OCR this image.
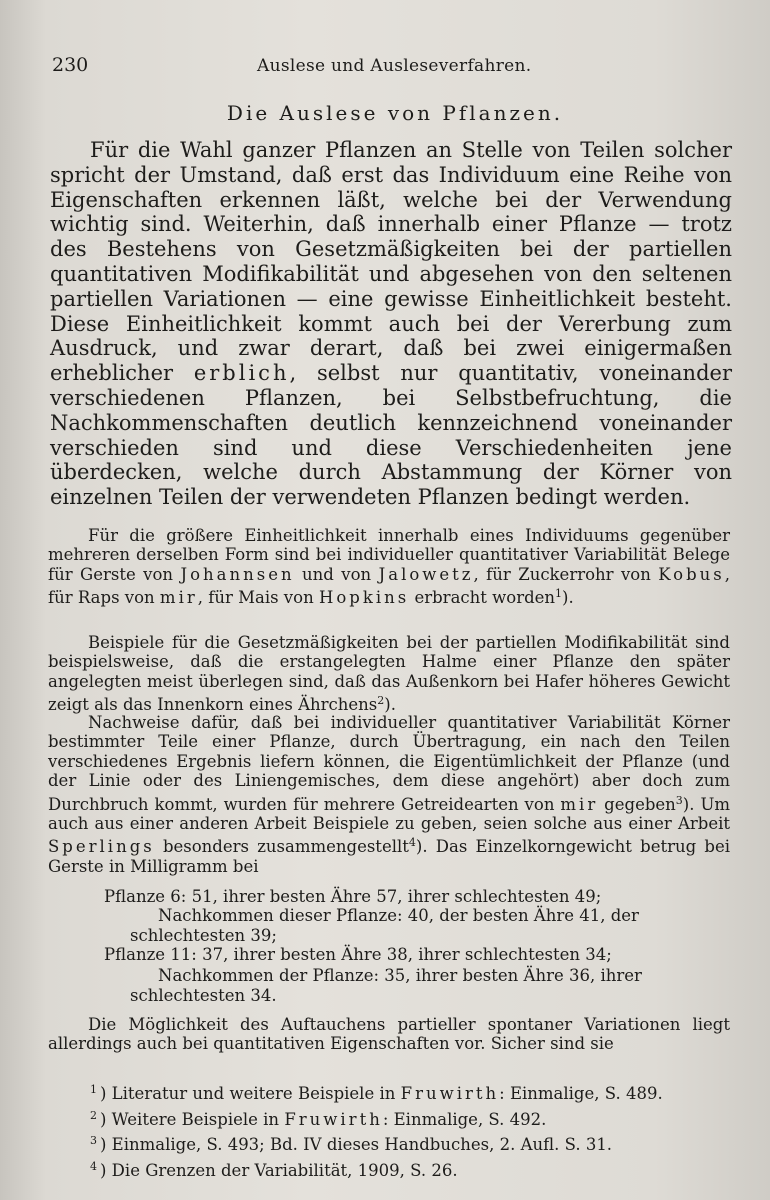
230	Auslese und Ausleseverfahren.
Die Auslese von Pflanzen.

Für die Wahl ganzer Pflanzen an Stelle von Teilen solcher spricht der Umstand, daß erst das Individuum eine Reihe von Eigenschaften erkennen läßt, welche bei der Verwendung wichtig sind. Weiterhin, daß innerhalb einer Pflanze — trotz des Bestehens von Gesetzmäßigkeiten bei der partiellen quantitativen Modifikabilität und abgesehen von den seltenen partiellen Variationen — eine gewisse Einheitlichkeit besteht. Diese Einheitlichkeit kommt auch bei der Vererbung zum Ausdruck, und zwar derart, daß bei zwei einigermaßen erheblicher erblich, selbst nur quantitativ, voneinander verschiedenen Pflanzen, bei Selbstbefruchtung, die Nachkommenschaften deutlich kennzeichnend voneinander verschieden sind und diese Verschiedenheiten jene überdecken, welche durch Abstammung der Körner von einzelnen Teilen der verwendeten Pflanzen bedingt werden.

Für die größere Einheitlichkeit innerhalb eines Individuums gegenüber mehreren derselben Form sind bei individueller quantitativer Variabilität Belege für Gerste von Johannsen und von Jalowetz, für Zuckerrohr von Kobus, für Raps von mir, für Mais von Hopkins erbracht worden$^1$).

Beispiele für die Gesetzmäßigkeiten bei der partiellen Modifikabilität sind beispielsweise, daß die erstangelegten Halme einer Pflanze den später angelegten meist überlegen sind, daß das Außenkorn bei Hafer höheres Gewicht zeigt als das Innenkorn eines Ährchens$^2$).

Nachweise dafür, daß bei individueller quantitativer Variabilität Körner bestimmter Teile einer Pflanze, durch Übertragung, ein nach den Teilen verschiedenes Ergebnis liefern können, die Eigentümlichkeit der Pflanze (und der Linie oder des Liniengemisches, dem diese angehört) aber doch zum Durchbruch kommt, wurden für mehrere Getreidearten von mir gegeben$^3$). Um auch aus einer anderen Arbeit Beispiele zu geben, seien solche aus einer Arbeit Sperlings besonders zusammengestellt$^4$). Das Einzelkorngewicht betrug bei Gerste in Milligramm bei

Pflanze 6: 51, ihrer besten Ähre 57, ihrer schlechtesten 49;
Nachkommen dieser Pflanze: 40, der besten Ähre 41, der
schlechtesten 39;
Pflanze 11: 37, ihrer besten Ähre 38, ihrer schlechtesten 34;
Nachkommen der Pflanze: 35, ihrer besten Ähre 36, ihrer
schlechtesten 34.

Die Möglichkeit des Auftauchens partieller spontaner Variationen liegt allerdings auch bei quantitativen Eigenschaften vor. Sicher sind sie

$^1$ ) Literatur und weitere Beispiele in Fruwirth: Einmalige, S. 489.
$^2$ ) Weitere Beispiele in Fruwirth: Einmalige, S. 492.
$^3$ ) Einmalige, S. 493; Bd. IV dieses Handbuches, 2. Aufl. S. 31.
$^4$ ) Die Grenzen der Variabilität, 1909, S. 26.
